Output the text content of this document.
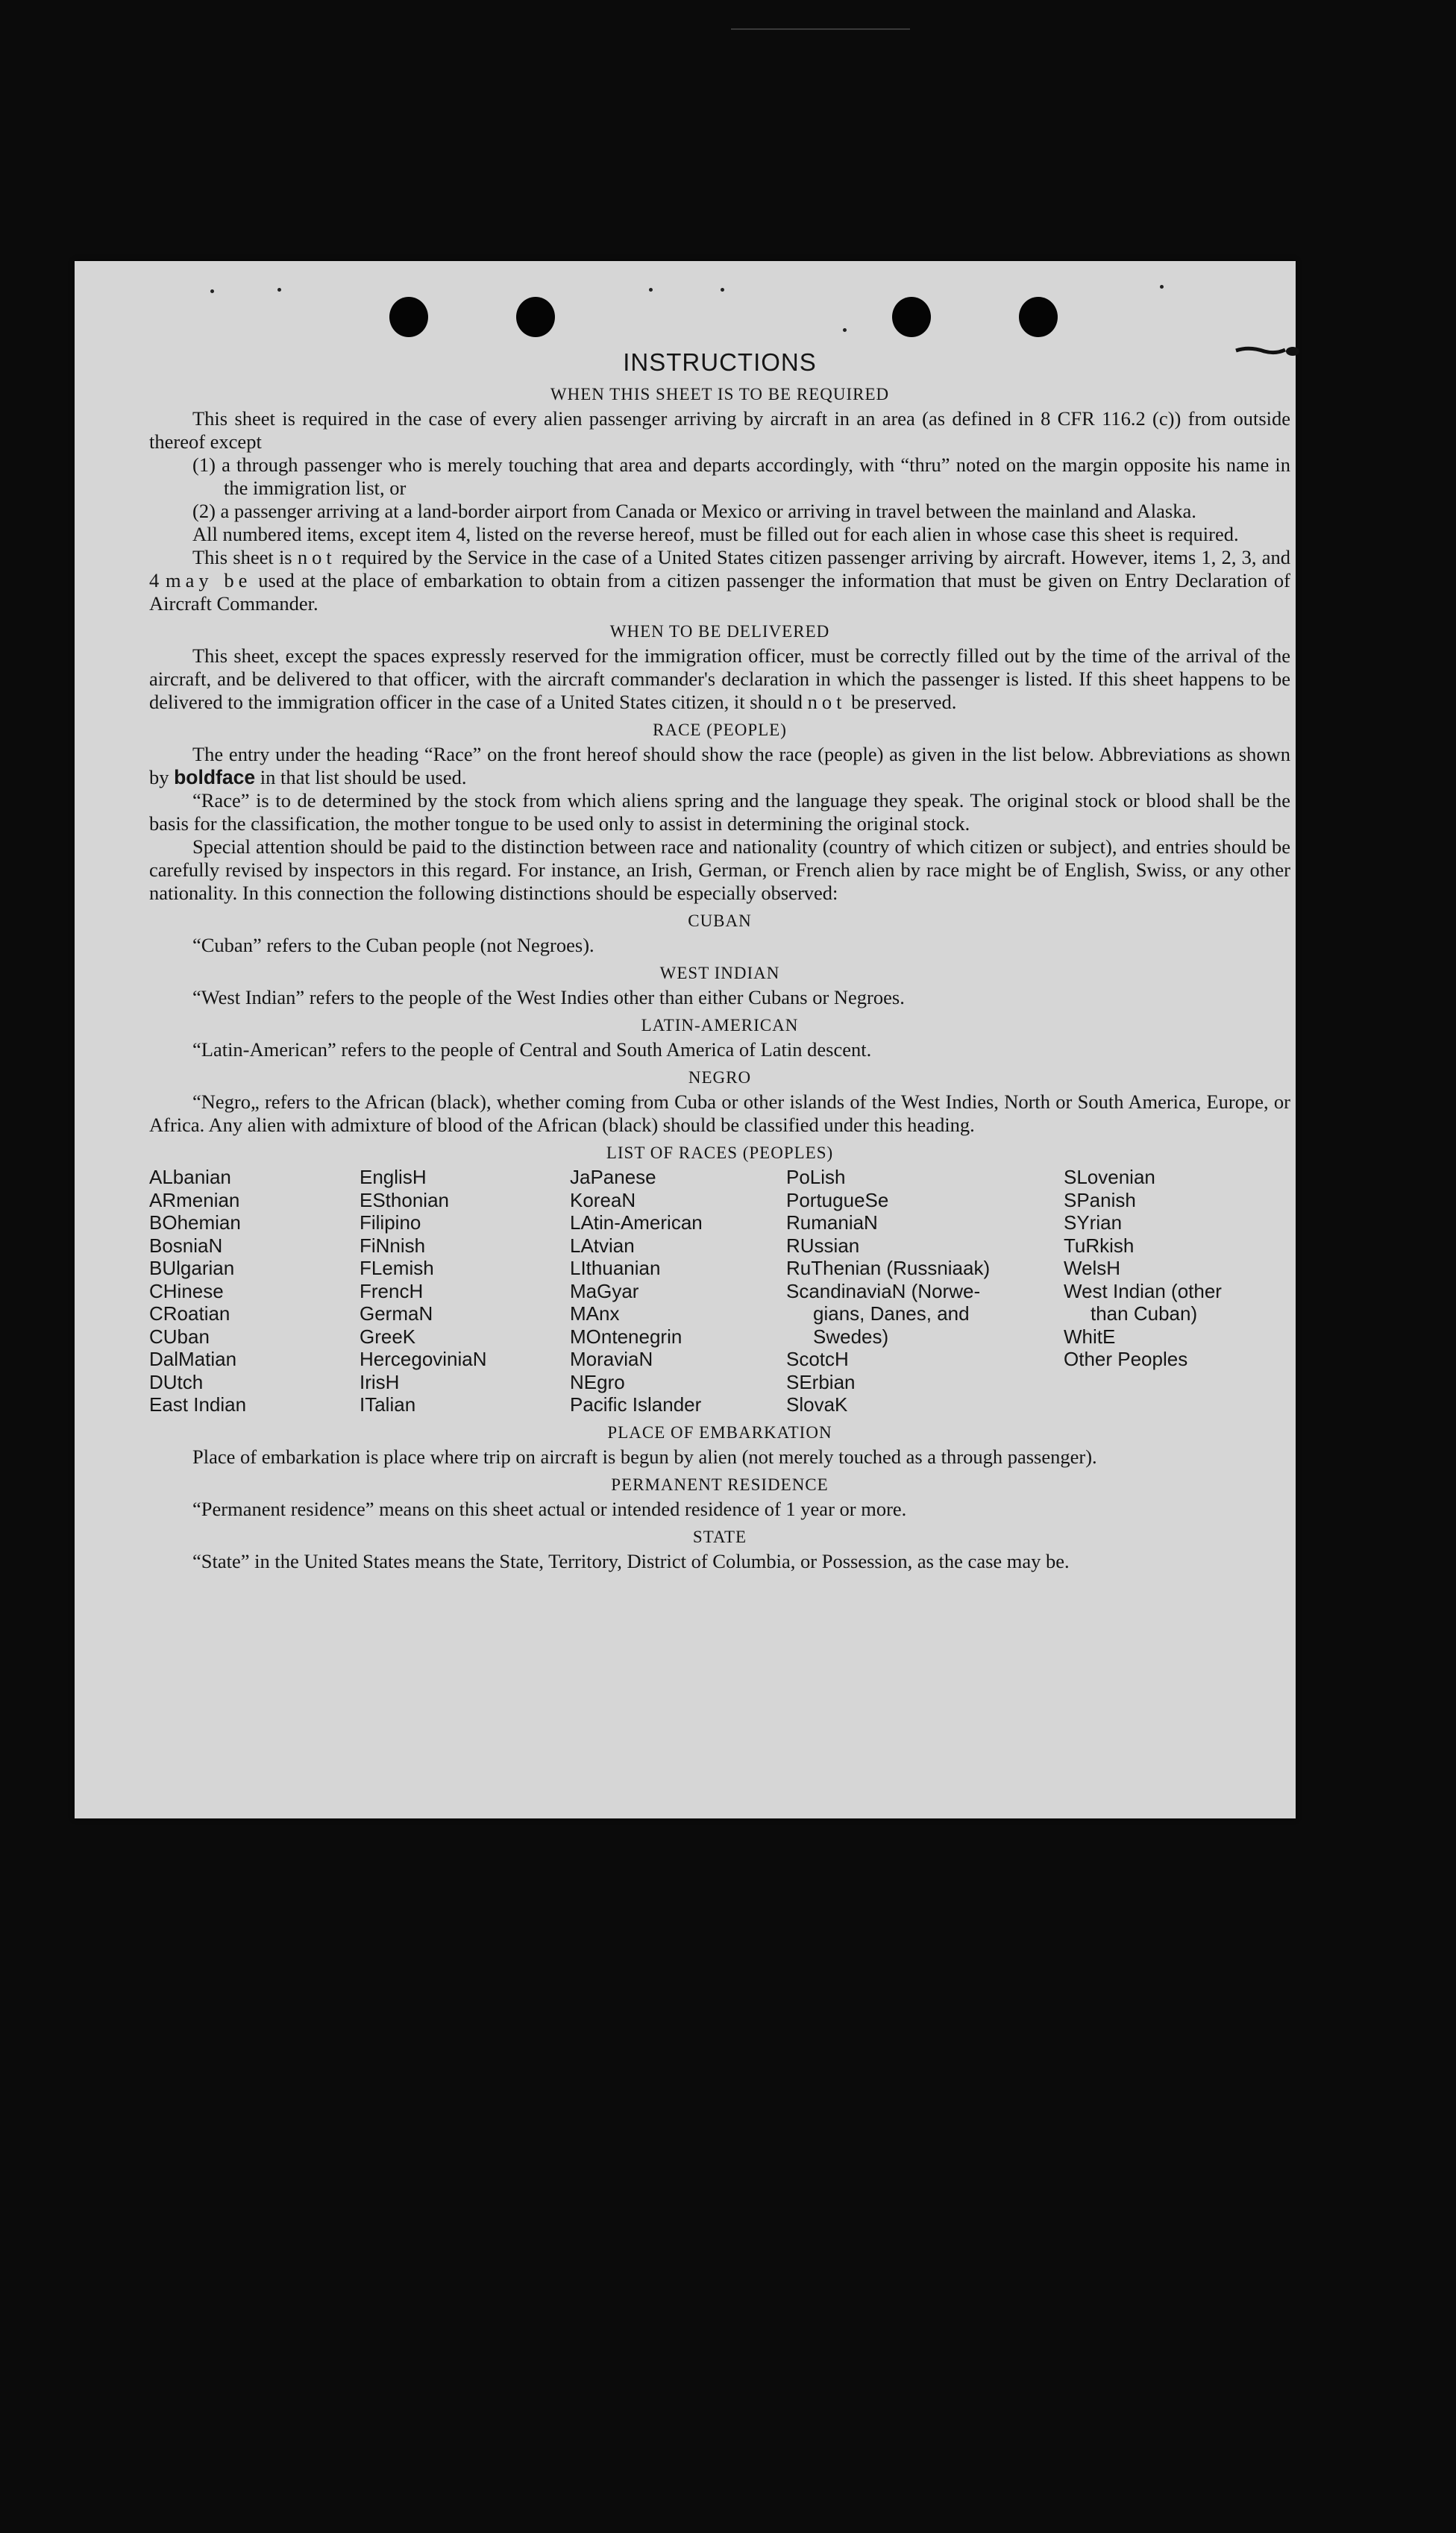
INSTRUCTIONS
WHEN THIS SHEET IS TO BE REQUIRED

This sheet is required in the case of every alien passenger arriving by aircraft in an area (as defined in 8 CFR 116.2 (c)) from outside thereof except

(1) a through passenger who is merely touching that area and departs accordingly, with “thru” noted on the margin opposite his name in the immigration list, or
(2) a passenger arriving at a land-border airport from Canada or Mexico or arriving in travel between the mainland and Alaska.

All numbered items, except item 4, listed on the reverse hereof, must be filled out for each alien in whose case this sheet is required.

This sheet is not required by the Service in the case of a United States citizen passenger arriving by aircraft. However, items 1, 2, 3, and 4 may be used at the place of embarkation to obtain from a citizen passenger the information that must be given on Entry Declaration of Aircraft Commander.

WHEN TO BE DELIVERED

This sheet, except the spaces expressly reserved for the immigration officer, must be correctly filled out by the time of the arrival of the aircraft, and be delivered to that officer, with the aircraft commander's declaration in which the passenger is listed. If this sheet happens to be delivered to the immigration officer in the case of a United States citizen, it should not be preserved.

RACE (PEOPLE)

The entry under the heading “Race” on the front hereof should show the race (people) as given in the list below. Abbreviations as shown by boldface in that list should be used.

“Race” is to de determined by the stock from which aliens spring and the language they speak. The original stock or blood shall be the basis for the classification, the mother tongue to be used only to assist in determining the original stock.

Special attention should be paid to the distinction between race and nationality (country of which citizen or subject), and entries should be carefully revised by inspectors in this regard. For instance, an Irish, German, or French alien by race might be of English, Swiss, or any other nationality. In this connection the following distinctions should be especially observed:

CUBAN

“Cuban” refers to the Cuban people (not Negroes).

WEST INDIAN

“West Indian” refers to the people of the West Indies other than either Cubans or Negroes.

LATIN-AMERICAN

“Latin-American” refers to the people of Central and South America of Latin descent.

NEGRO

“Negro„ refers to the African (black), whether coming from Cuba or other islands of the West Indies, North or South America, Europe, or Africa. Any alien with admixture of blood of the African (black) should be classified under this heading.

LIST OF RACES (PEOPLES)
ALbanian
ARmenian
BOhemian
BosniaN
BUlgarian
CHinese
CRoatian
CUban
DalMatian
DUtch
East Indian
EnglisH
ESthonian
Filipino
FiNnish
FLemish
FrencH
GermaN
GreeK
HercegoviniaN
IrisH
ITalian
JaPanese
KoreaN
LAtin-American
LAtvian
LIthuanian
MaGyar
MAnx
MOntenegrin
MoraviaN
NEgro
Pacific Islander
PoLish
PortugueSe
RumaniaN
RUssian
RuThenian (Russniaak)
ScandinaviaN (Norwe-
gians, Danes, and
Swedes)
ScotcH
SErbian
SlovaK
SLovenian
SPanish
SYrian
TuRkish
WelsH
West Indian (other
than Cuban)
WhitE
Other Peoples
PLACE OF EMBARKATION

Place of embarkation is place where trip on aircraft is begun by alien (not merely touched as a through passenger).

PERMANENT RESIDENCE

“Permanent residence” means on this sheet actual or intended residence of 1 year or more.

STATE

“State” in the United States means the State, Territory, District of Columbia, or Possession, as the case may be.
